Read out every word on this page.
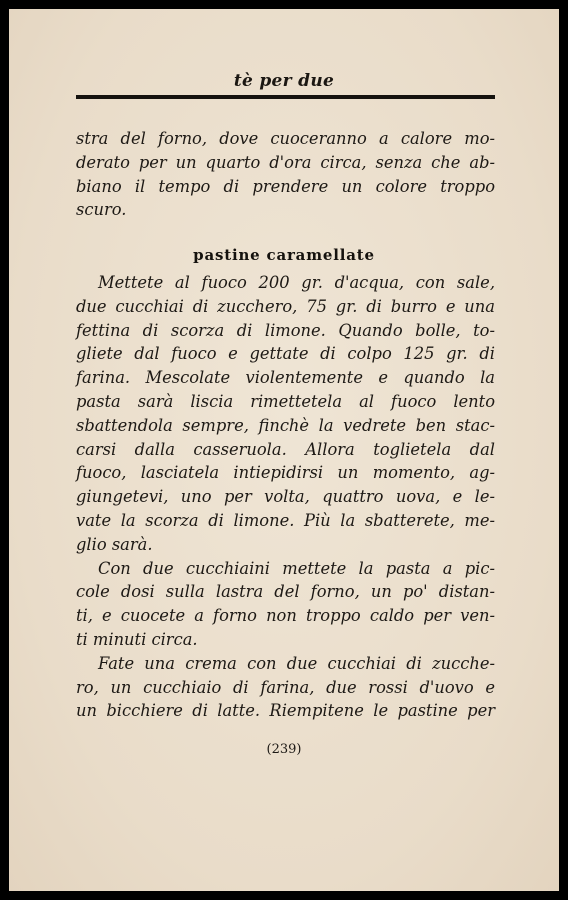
tè per due
stra del forno, dove cuoceranno a calore mo-
derato per un quarto d'ora circa, senza che ab-
biano il tempo di prendere un colore troppo
scuro.
pastine caramellate
Mettete al fuoco 200 gr. d'acqua, con sale,
due cucchiai di zucchero, 75 gr. di burro e una
fettina di scorza di limone. Quando bolle, to-
gliete dal fuoco e gettate di colpo 125 gr. di
farina. Mescolate violentemente e quando la
pasta sarà liscia rimettetela al fuoco lento
sbattendola sempre, finchè la vedrete ben stac-
carsi dalla casseruola. Allora toglietela dal
fuoco, lasciatela intiepidirsi un momento, ag-
giungetevi, uno per volta, quattro uova, e le-
vate la scorza di limone. Più la sbatterete, me-
glio sarà.
Con due cucchiaini mettete la pasta a pic-
cole dosi sulla lastra del forno, un po' distan-
ti, e cuocete a forno non troppo caldo per ven-
ti minuti circa.
Fate una crema con due cucchiai di zucche-
ro, un cucchiaio di farina, due rossi d'uovo e
un bicchiere di latte. Riempitene le pastine per
(239)
